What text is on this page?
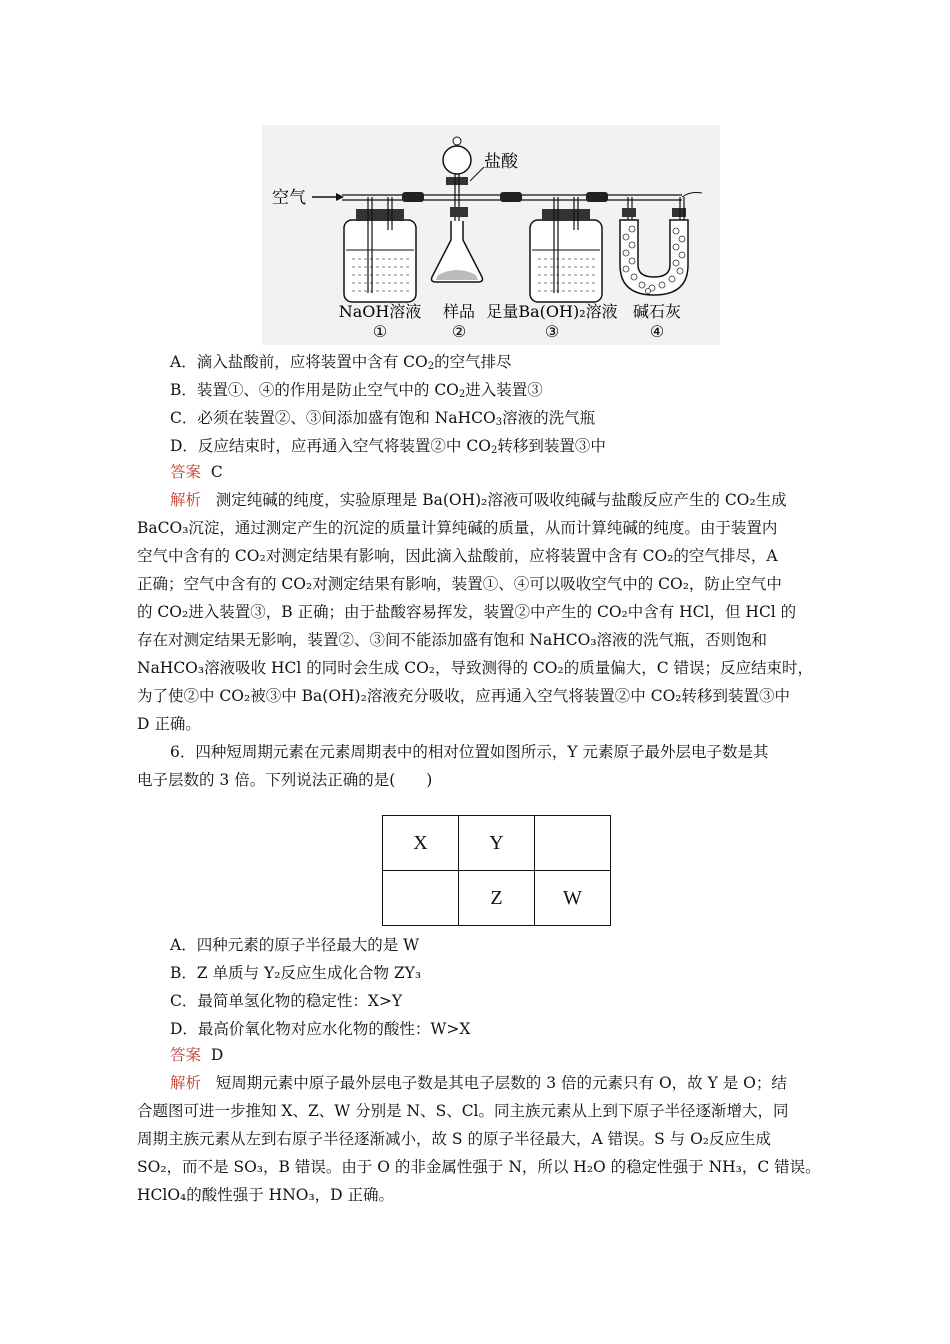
空气
盐酸
NaOH溶液
①
样品
②
足量Ba(OH)₂溶液
③
碱石灰
④
A．滴入盐酸前，应将装置中含有 $CO_2$的空气排尽
B．装置①、④的作用是防止空气中的 $CO_2$进入装置③
C．必须在装置②、③间添加盛有饱和 NaHCO$_3$溶液的洗气瓶
D．反应结束时，应再通入空气将装置②中 $CO_2$转移到装置③中
答案 C
解析 测定纯碱的纯度，实验原理是 Ba(OH)₂溶液可吸收纯碱与盐酸反应产生的 CO₂生成
BaCO₃沉淀，通过测定产生的沉淀的质量计算纯碱的质量，从而计算纯碱的纯度。由于装置内
空气中含有的 CO₂对测定结果有影响，因此滴入盐酸前，应将装置中含有 CO₂的空气排尽，A
正确；空气中含有的 CO₂对测定结果有影响，装置①、④可以吸收空气中的 CO₂，防止空气中
的 CO₂进入装置③，B 正确；由于盐酸容易挥发，装置②中产生的 CO₂中含有 HCl，但 HCl 的
存在对测定结果无影响，装置②、③间不能添加盛有饱和 NaHCO₃溶液的洗气瓶，否则饱和
NaHCO₃溶液吸收 HCl 的同时会生成 CO₂，导致测得的 CO₂的质量偏大，C 错误；反应结束时，
为了使②中 CO₂被③中 Ba(OH)₂溶液充分吸收，应再通入空气将装置②中 CO₂转移到装置③中
D 正确。
6．四种短周期元素在元素周期表中的相对位置如图所示，Y 元素原子最外层电子数是其
电子层数的 3 倍。下列说法正确的是(　　)
X	Y	
	Z	W
A．四种元素的原子半径最大的是 W
B．Z 单质与 Y₂反应生成化合物 ZY₃
C．最简单氢化物的稳定性：X>Y
D．最高价氧化物对应水化物的酸性：W>X
答案 D
解析 短周期元素中原子最外层电子数是其电子层数的 3 倍的元素只有 O，故 Y 是 O；结
合题图可进一步推知 X、Z、W 分别是 N、S、Cl。同主族元素从上到下原子半径逐渐增大，同
周期主族元素从左到右原子半径逐渐减小，故 S 的原子半径最大，A 错误。S 与 O₂反应生成
SO₂，而不是 SO₃，B 错误。由于 O 的非金属性强于 N，所以 H₂O 的稳定性强于 NH₃，C 错误。
HClO₄的酸性强于 HNO₃，D 正确。
